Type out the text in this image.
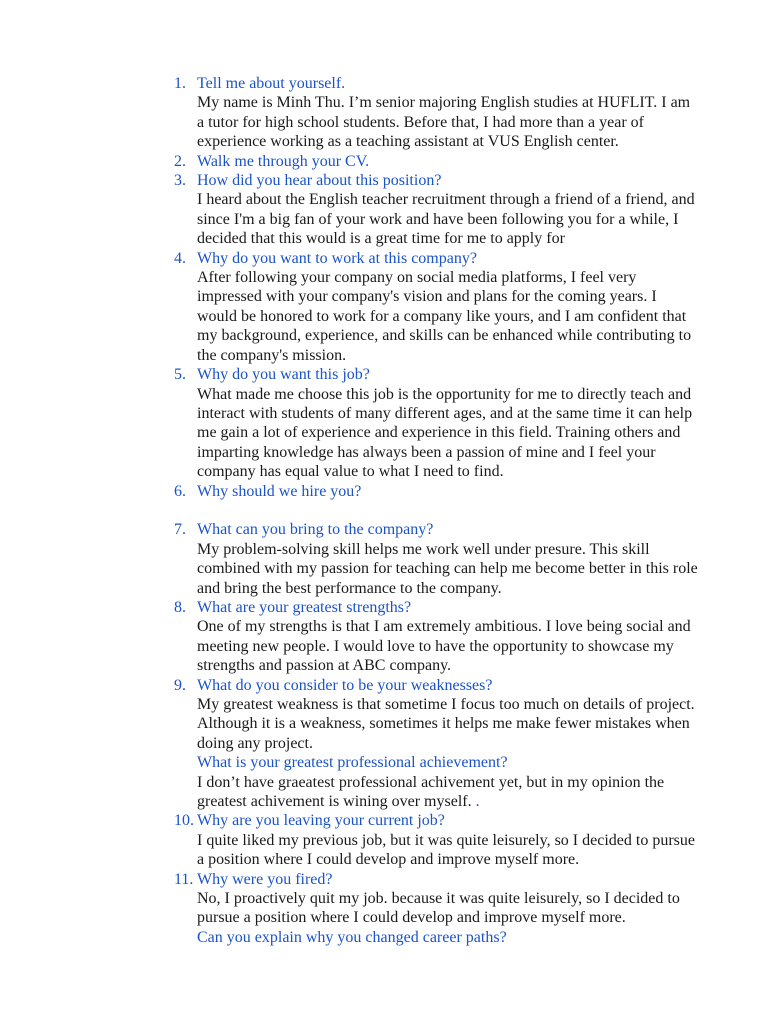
1. Tell me about yourself.
My name is Minh Thu. I’m senior majoring English studies at HUFLIT. I am a tutor for high school students. Before that, I had more than a year of experience working as a teaching assistant at VUS English center.
2. Walk me through your CV.
3. How did you hear about this position?
I heard about the English teacher recruitment through a friend of a friend, and since I'm a big fan of your work and have been following you for a while, I decided that this would is a great time for me to apply for
4. Why do you want to work at this company?
After following your company on social media platforms, I feel very impressed with your company's vision and plans for the coming years. I would be honored to work for a company like yours, and I am confident that my background, experience, and skills can be enhanced while contributing to the company's mission.
5. Why do you want this job?
What made me choose this job is the opportunity for me to directly teach and interact with students of many different ages, and at the same time it can help me gain a lot of experience and experience in this field. Training others and imparting knowledge has always been a passion of mine and I feel your company has equal value to what I need to find.
6. Why should we hire you?
7. What can you bring to the company?
My problem-solving skill helps me work well under presure. This skill combined with my passion for teaching can help me become better in this role and bring the best performance to the company.
8. What are your greatest strengths?
One of my strengths is that I am extremely ambitious. I love being social and meeting new people. I would love to have the opportunity to showcase my strengths and passion at ABC company.
9. What do you consider to be your weaknesses?
My greatest weakness is that sometime I focus too much on details of project. Although it is a weakness, sometimes it helps me make fewer mistakes when doing any project.
What is your greatest professional achievement?
I don’t have graeatest professional achivement yet, but in my opinion the greatest achivement is wining over myself. .
10. Why are you leaving your current job?
I quite liked my previous job, but it was quite leisurely, so I decided to pursue a position where I could develop and improve myself more.
11. Why were you fired?
No, I proactively quit my job. because it was quite leisurely, so I decided to pursue a position where I could develop and improve myself more.
Can you explain why you changed career paths?
